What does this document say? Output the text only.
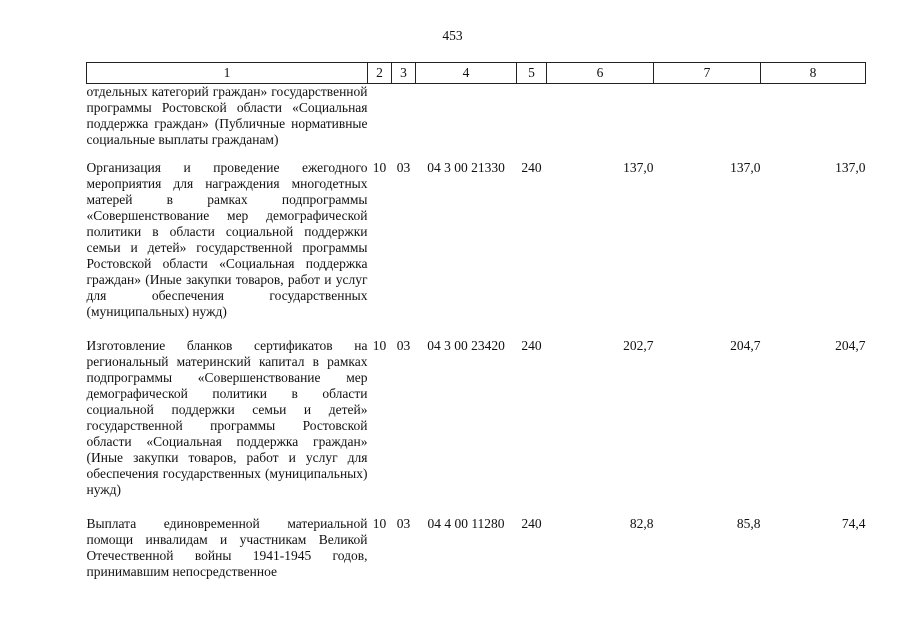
453
1	2	3	4	5	6	7	8
отдельных категорий граждан» государственной программы Ростовской области «Социальная поддержка граждан» (Публичные нормативные социальные выплаты гражданам)							
Организация и проведение ежегодного мероприятия для награждения многодетных матерей в рамках подпрограммы «Совершенствование мер демографической политики в области социальной поддержки семьи и детей» государственной программы Ростовской области «Социальная поддержка граждан» (Иные закупки товаров, работ и услуг для обеспечения государственных (муниципальных) нужд)	10	03	04 3 00 21330	240	137,0	137,0	137,0
Изготовление бланков сертификатов на региональный материнский капитал в рамках подпрограммы «Совершенствование мер демографической политики в области социальной поддержки семьи и детей» государственной программы Ростовской области «Социальная поддержка граждан» (Иные закупки товаров, работ и услуг для обеспечения государственных (муниципальных) нужд)	10	03	04 3 00 23420	240	202,7	204,7	204,7
Выплата единовременной материальной помощи инвалидам и участникам Великой Отечественной войны 1941-1945 годов, принимавшим непосредственное	10	03	04 4 00 11280	240	82,8	85,8	74,4
